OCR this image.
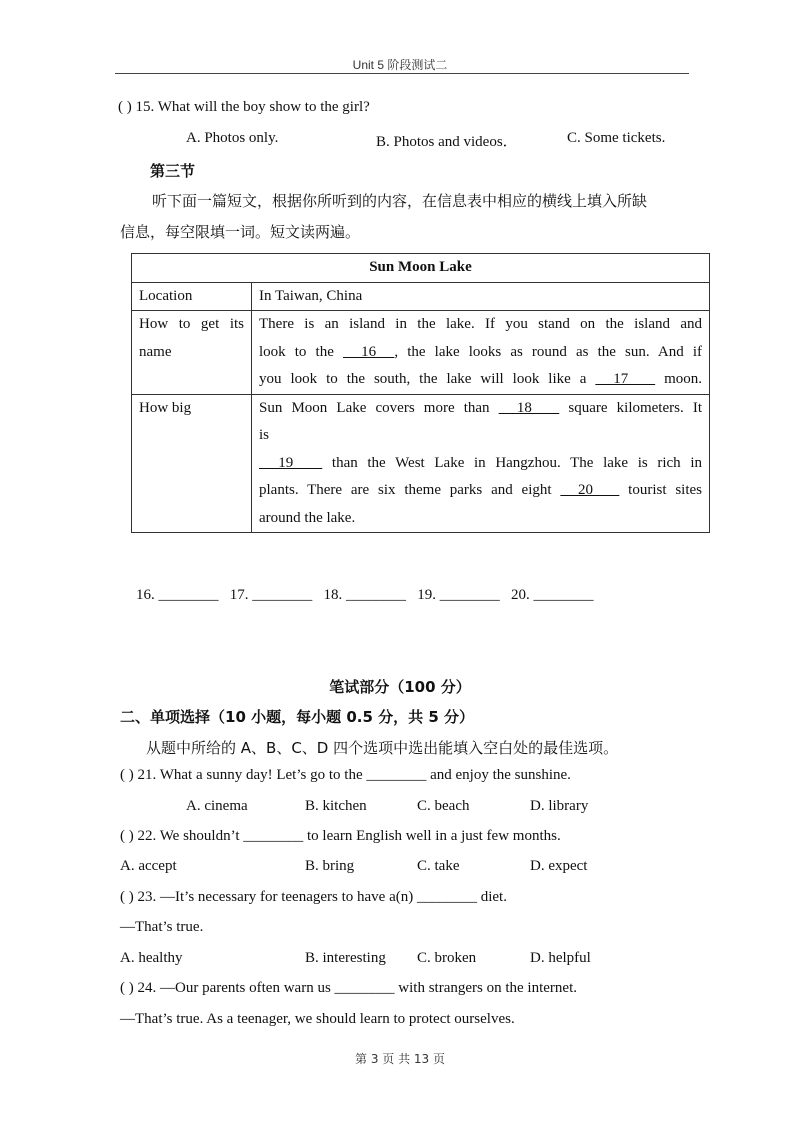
Unit 5 阶段测试二
( ) 15. What will the boy show to the girl?
A. Photos only.	B. Photos and videos．	C. Some tickets.
第三节
听下面一篇短文，根据你所听到的内容，在信息表中相应的横线上填入所缺
信息，每空限填一词。短文读两遍。
Sun Moon Lake	
Location	In Taiwan, China

How to get its
name	There is an island in the lake. If you stand on the island and
look to the   16  , the lake looks as round as the sun. And if
you look to the south, the lake will look like a   17    moon.

How big	Sun Moon Lake covers more than   18    square kilometers. It
is
19    than the West Lake in Hangzhou. The lake is rich in
plants. There are six theme parks and eight   20    tourist sites
around the lake.
16. ________   17. ________   18. ________   19. ________   20. ________
笔试部分（100 分）
二、单项选择（10 小题，每小题 0.5 分，共 5 分）
从题中所给的 A、B、C、D 四个选项中选出能填入空白处的最佳选项。
( ) 21. What a sunny day! Let’s go to the ________ and enjoy the sunshine.
A. cinema	B. kitchen	C. beach	D. library
( ) 22. We shouldn’t ________ to learn English well in a just few months.
A. accept	B. bring	C. take	D. expect
( ) 23. —It’s necessary for teenagers to have a(n) ________ diet.
—That’s true.
A. healthy	B. interesting C. broken	D. helpful
( ) 24. —Our parents often warn us ________ with strangers on the internet.
—That’s true. As a teenager, we should learn to protect ourselves.
第 3 页 共 13 页
